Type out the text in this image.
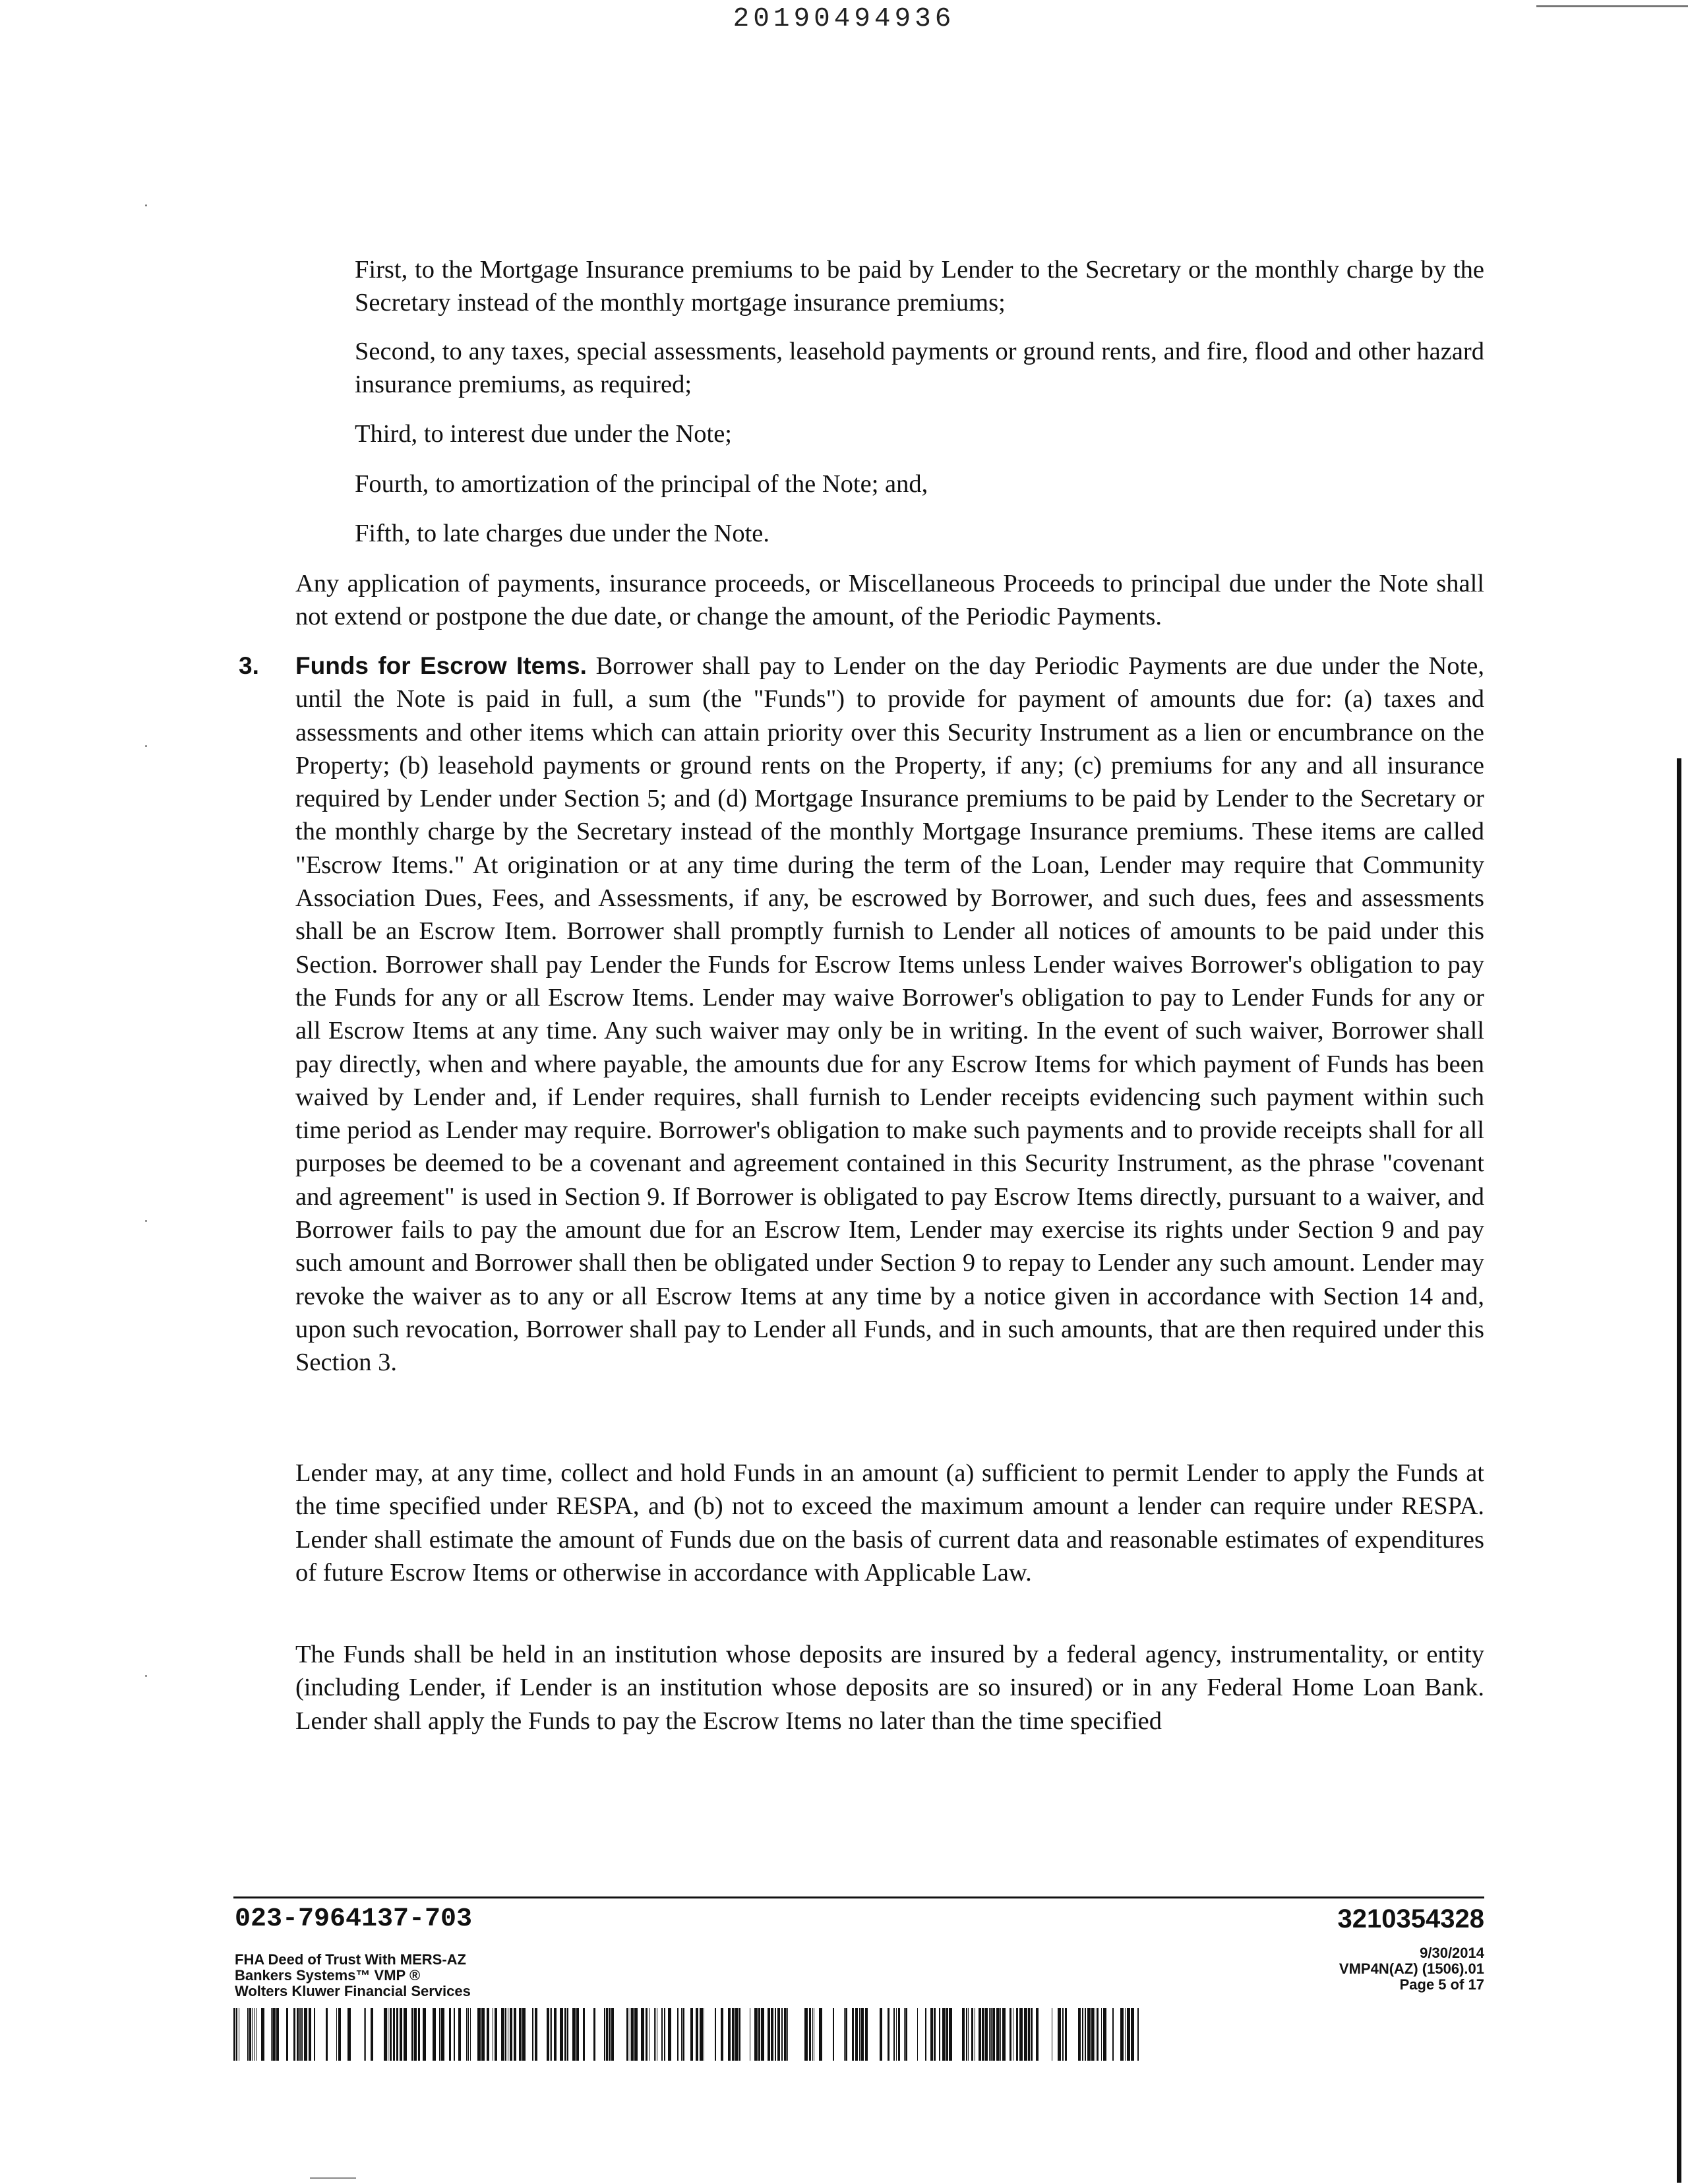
20190494936

First, to the Mortgage Insurance premiums to be paid by Lender to the Secretary or the monthly charge by the Secretary instead of the monthly mortgage insurance premiums;

Second, to any taxes, special assessments, leasehold payments or ground rents, and fire, flood and other hazard insurance premiums, as required;

Third, to interest due under the Note;

Fourth, to amortization of the principal of the Note; and,

Fifth, to late charges due under the Note.

Any application of payments, insurance proceeds, or Miscellaneous Proceeds to principal due under the Note shall not extend or postpone the due date, or change the amount, of the Periodic Payments.

3. Funds for Escrow Items. Borrower shall pay to Lender on the day Periodic Payments are due under the Note, until the Note is paid in full, a sum (the "Funds") to provide for payment of amounts due for: (a) taxes and assessments and other items which can attain priority over this Security Instrument as a lien or encumbrance on the Property; (b) leasehold payments or ground rents on the Property, if any; (c) premiums for any and all insurance required by Lender under Section 5; and (d) Mortgage Insurance premiums to be paid by Lender to the Secretary or the monthly charge by the Secretary instead of the monthly Mortgage Insurance premiums. These items are called "Escrow Items." At origination or at any time during the term of the Loan, Lender may require that Community Association Dues, Fees, and Assessments, if any, be escrowed by Borrower, and such dues, fees and assessments shall be an Escrow Item. Borrower shall promptly furnish to Lender all notices of amounts to be paid under this Section. Borrower shall pay Lender the Funds for Escrow Items unless Lender waives Borrower's obligation to pay the Funds for any or all Escrow Items. Lender may waive Borrower's obligation to pay to Lender Funds for any or all Escrow Items at any time. Any such waiver may only be in writing. In the event of such waiver, Borrower shall pay directly, when and where payable, the amounts due for any Escrow Items for which payment of Funds has been waived by Lender and, if Lender requires, shall furnish to Lender receipts evidencing such payment within such time period as Lender may require. Borrower's obligation to make such payments and to provide receipts shall for all purposes be deemed to be a covenant and agreement contained in this Security Instrument, as the phrase "covenant and agreement" is used in Section 9. If Borrower is obligated to pay Escrow Items directly, pursuant to a waiver, and Borrower fails to pay the amount due for an Escrow Item, Lender may exercise its rights under Section 9 and pay such amount and Borrower shall then be obligated under Section 9 to repay to Lender any such amount. Lender may revoke the waiver as to any or all Escrow Items at any time by a notice given in accordance with Section 14 and, upon such revocation, Borrower shall pay to Lender all Funds, and in such amounts, that are then required under this Section 3.

Lender may, at any time, collect and hold Funds in an amount (a) sufficient to permit Lender to apply the Funds at the time specified under RESPA, and (b) not to exceed the maximum amount a lender can require under RESPA. Lender shall estimate the amount of Funds due on the basis of current data and reasonable estimates of expenditures of future Escrow Items or otherwise in accordance with Applicable Law.

The Funds shall be held in an institution whose deposits are insured by a federal agency, instrumentality, or entity (including Lender, if Lender is an institution whose deposits are so insured) or in any Federal Home Loan Bank. Lender shall apply the Funds to pay the Escrow Items no later than the time specified

023-7964137-703	3210354328
FHA Deed of Trust With MERS-AZ
Bankers Systems™ VMP ®
Wolters Kluwer Financial Services
9/30/2014
VMP4N(AZ) (1506).01
Page 5 of 17
